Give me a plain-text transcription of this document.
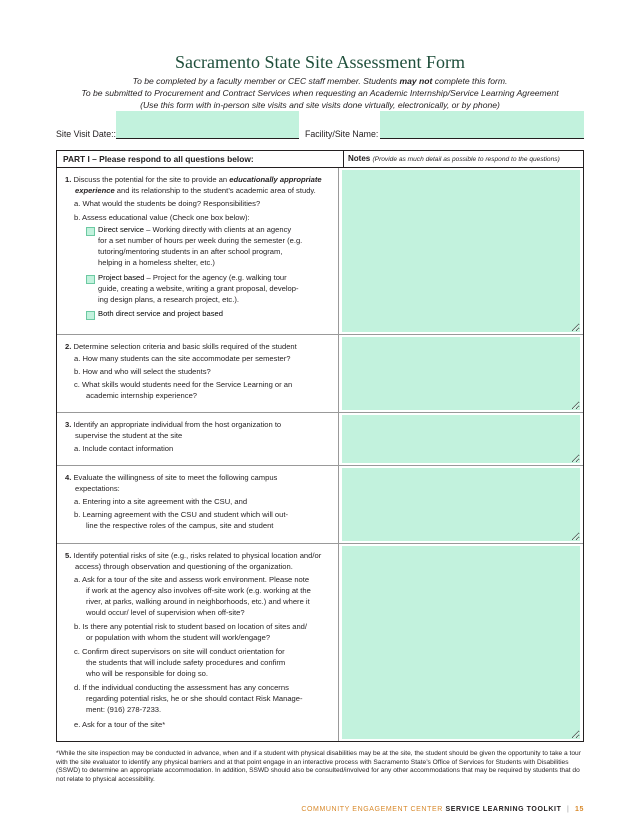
Sacramento State Site Assessment Form
To be completed by a faculty member or CEC staff member. Students may not complete this form.
To be submitted to Procurement and Contract Services when requesting an Academic Internship/Service Learning Agreement
(Use this form with in-person site visits and site visits done virtually, electronically, or by phone)
Site Visit Date::	Facility/Site Name:
PART I – Please respond to all questions below:	Notes (Provide as much detail as possible to respond to the questions)
1. Discuss the potential for the site to provide an educationally appropriate
experience and its relationship to the student’s academic area of study.
a. What would the students be doing? Responsibilities?
b. Assess educational value (Check one box below):
Direct service – Working directly with clients at an agency
for a set number of hours per week during the semester (e.g.
tutoring/mentoring students in an after school program,
helping in a homeless shelter, etc.)
Project based – Project for the agency (e.g. walking tour
guide, creating a website, writing a grant proposal, develop-
ing design plans, a research project, etc.).
Both direct service and project based
2. Determine selection criteria and basic skills required of the student
a. How many students can the site accommodate per semester?
b. How and who will select the students?
c. What skills would students need for the Service Learning or an
academic internship experience?
3. Identify an appropriate individual from the host organization to
supervise the student at the site
a. Include contact information
4. Evaluate the willingness of site to meet the following campus
expectations:
a. Entering into a site agreement with the CSU, and
b. Learning agreement with the CSU and student which will out-
line the respective roles of the campus, site and student
5. Identify potential risks of site (e.g., risks related to physical location and/or
access) through observation and questioning of the organization.
a. Ask for a tour of the site and assess work environment. Please note
if work at the agency also involves off-site work (e.g. working at the
river, at parks, walking around in neighborhoods, etc.) and where it
would occur/ level of supervision when off-site?
b. Is there any potential risk to student based on location of sites and/
or population with whom the student will work/engage?
c. Confirm direct supervisors on site will conduct orientation for
the students that will include safety procedures and confirm
who will be responsible for doing so.
d. If the individual conducting the assessment has any concerns
regarding potential risks, he or she should contact Risk Manage-
ment: (916) 278-7233.
e. Ask for a tour of the site*
*While the site inspection may be conducted in advance, when and if a student with physical disabilities may be at the site, the student should be given the opportunity to take a tour with the site evaluator to identify any physical barriers and at that point engage in an interactive process with Sacramento State’s Office of Services for Students with Disabilities (SSWD) to determine an appropriate accommodation. In addition, SSWD should also be consulted/involved for any other accommodations that may be required by students that do not relate to physical accessibility.
COMMUNITY ENGAGEMENT CENTER SERVICE LEARNING TOOLKIT | 15
